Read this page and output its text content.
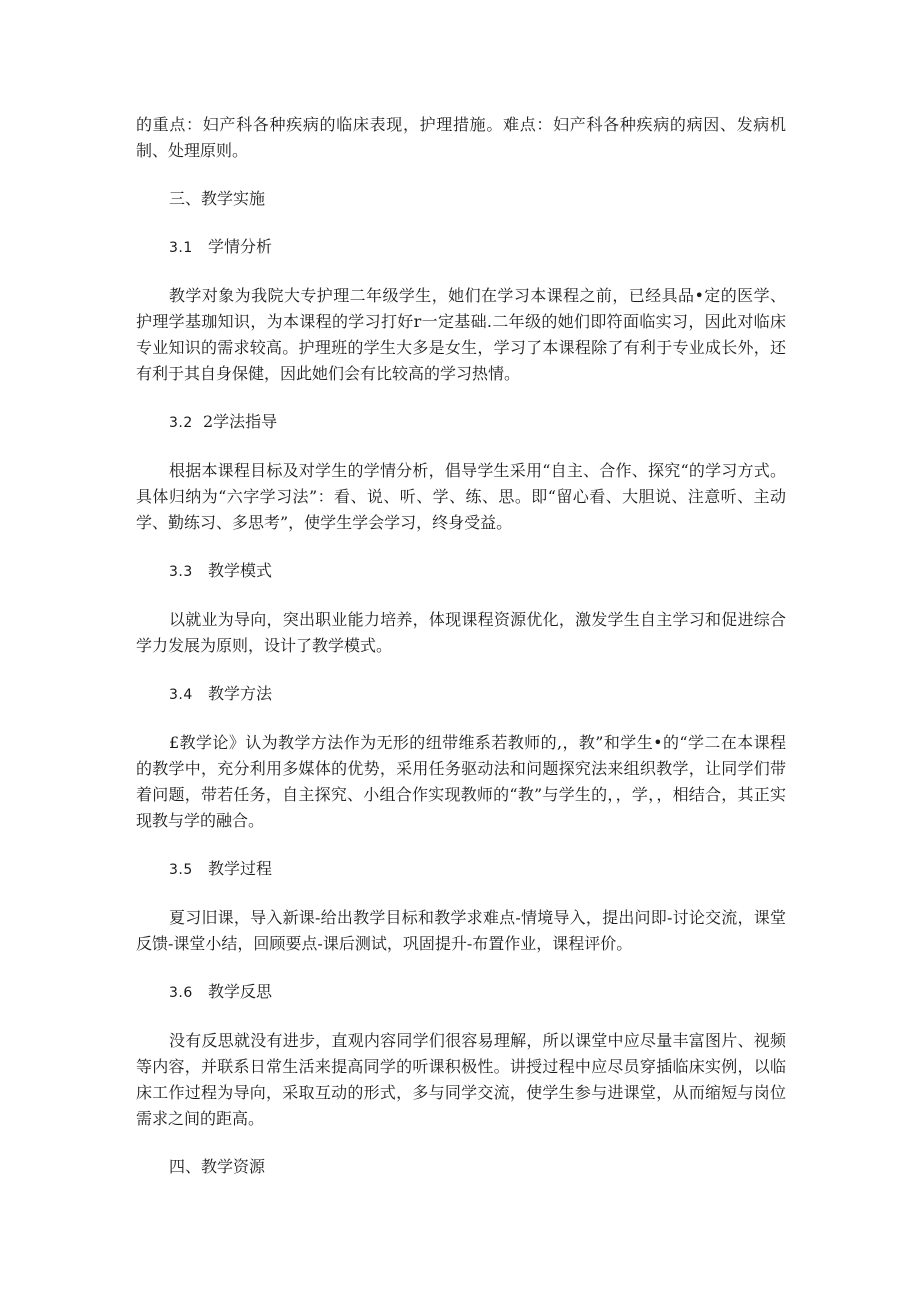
的重点：妇产科各种疾病的临床表现，护理措施。难点：妇产科各种疾病的病因、发病机制、处理原则。

三、教学实施

3.1 学情分析

教学对象为我院大专护理二年级学生，她们在学习本课程之前，已经具品•定的医学、护理学基珈知识，为本课程的学习打好r一定基础.二年级的她们即符面临实习，因此对临床专业知识的需求较高。护理班的学生大多是女生，学习了本课程除了有利于专业成长外，还有利于其自身保健，因此她们会有比较高的学习热情。

3.2 2学法指导

根据本课程目标及对学生的学情分析，倡导学生采用“自主、合作、探究“的学习方式。具体归纳为“六字学习法”：看、说、听、学、练、思。即“留心看、大胆说、注意听、主动学、勤练习、多思考”，使学生学会学习，终身受益。

3.3 教学模式

以就业为导向，突出职业能力培养，体现课程资源优化，激发学生自主学习和促进综合学力发展为原则，设计了教学模式。

3.4 教学方法

£教学论》认为教学方法作为无形的纽带维系若教师的,，教”和学生•的“学二在本课程的教学中，充分利用多媒体的优势，采用任务驱动法和问题探究法来组织教学，让同学们带着问题，带若任务，自主探究、小组合作实现教师的“教”与学生的，，学，，相结合，其正实现教与学的融合。

3.5 教学过程

夏习旧课，导入新课-给出教学目标和教学求难点-情境导入，提出问即-讨论交流，课堂反馈-课堂小结，回顾要点-课后测试，巩固提升-布置作业，课程评价。

3.6 教学反思

没有反思就没有进步，直观内容同学们很容易理解，所以课堂中应尽量丰富图片、视频等内容，并联系日常生活来提高同学的听课积极性。讲授过程中应尽员穿插临床实例，以临床工作过程为导向，采取互动的形式，多与同学交流，使学生参与进课堂，从而缩短与岗位需求之间的距高。

四、教学资源
